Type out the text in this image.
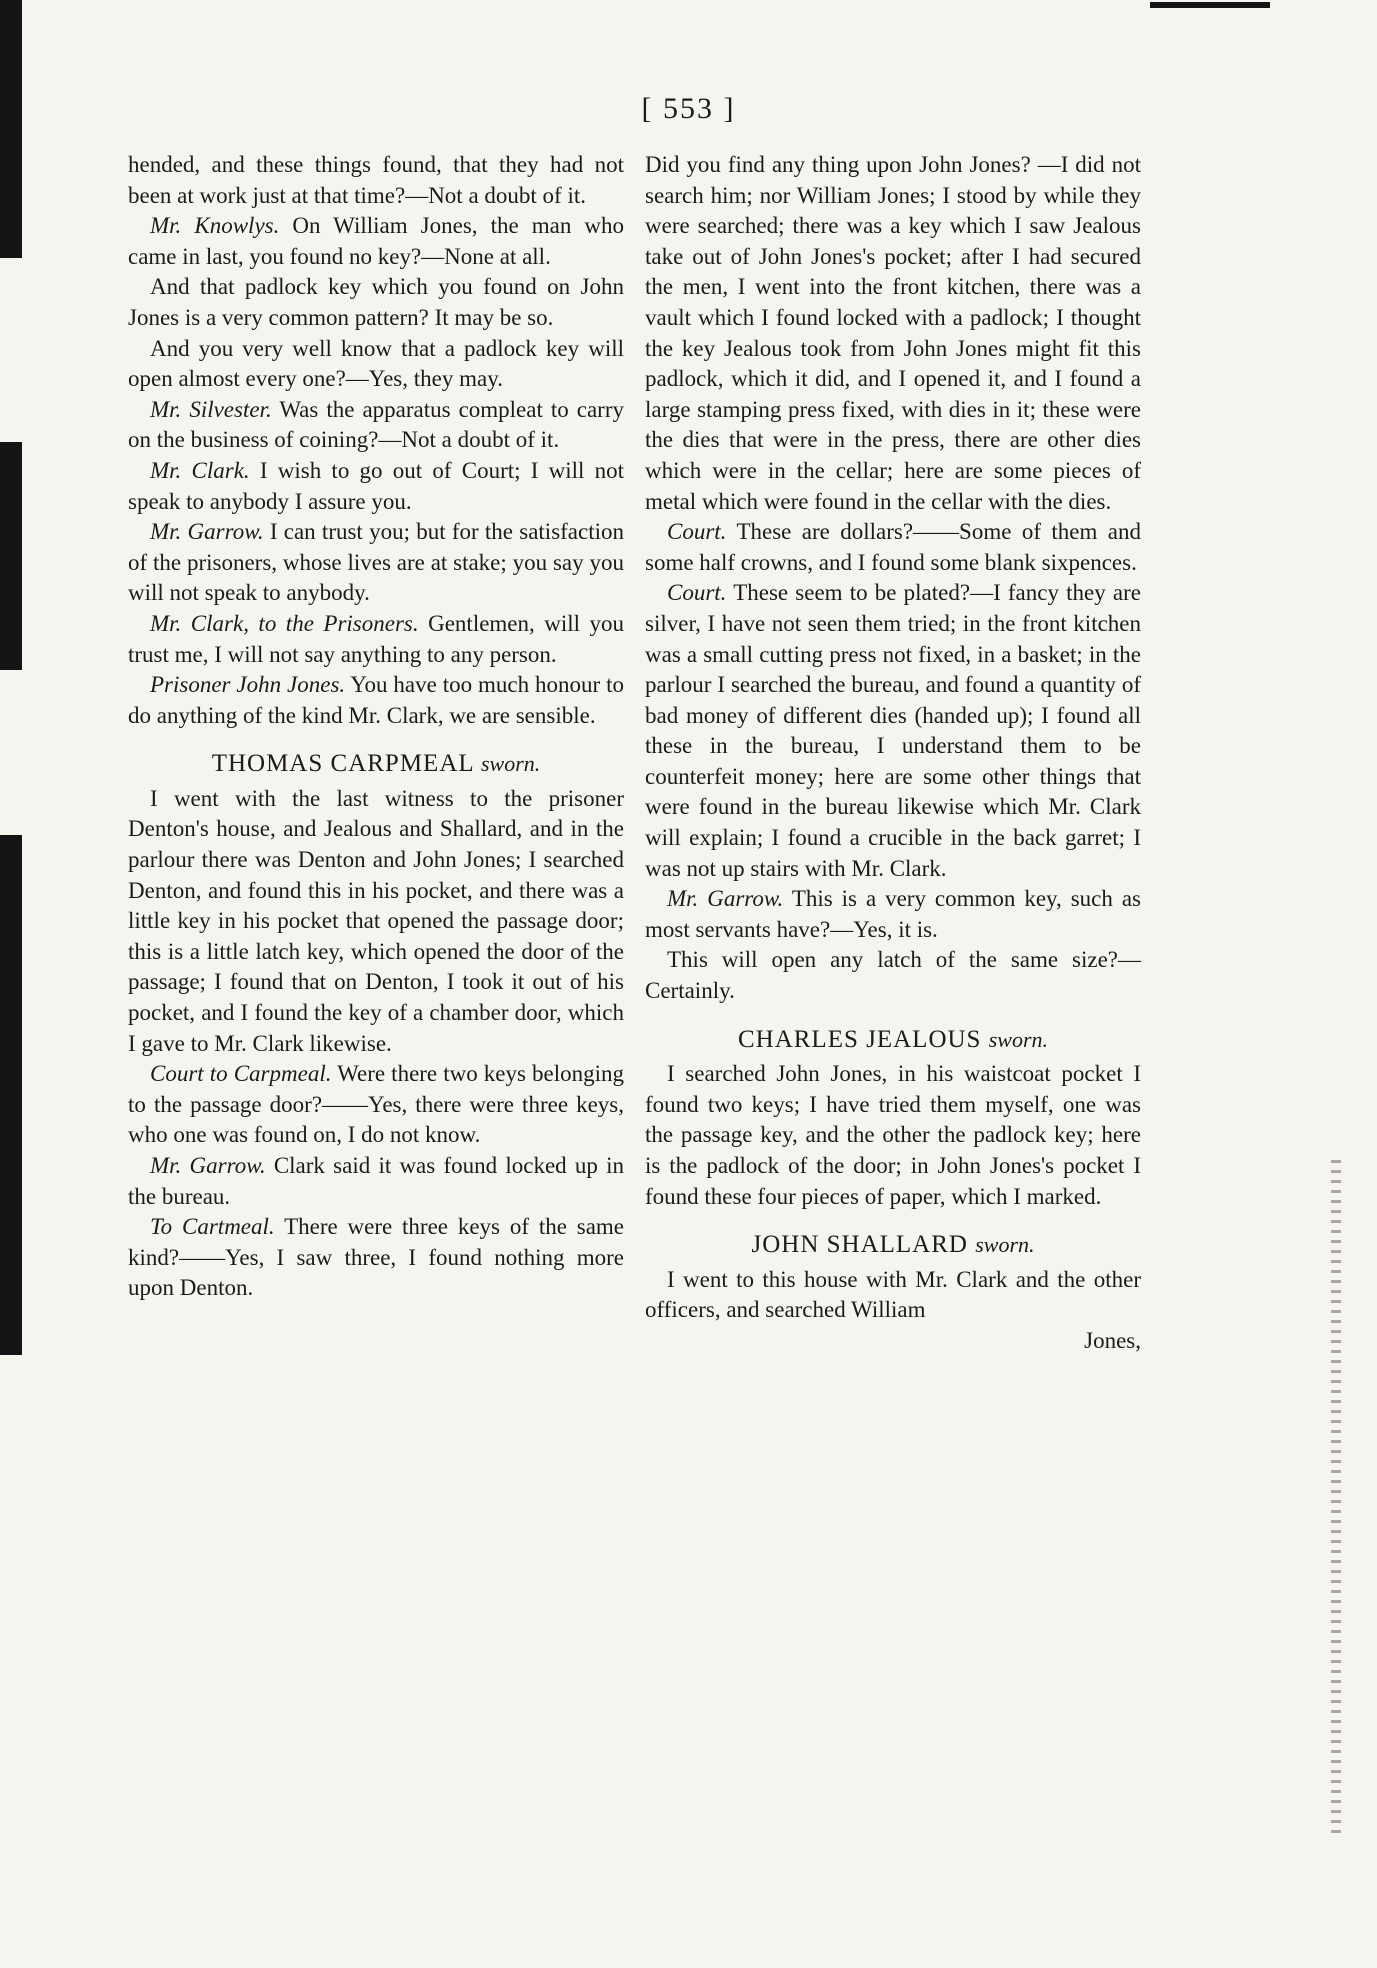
[ 553 ]

hended, and these things found, that they had not been at work just at that time?—Not a doubt of it.

Mr. Knowlys. On William Jones, the man who came in last, you found no key?—None at all.

And that padlock key which you found on John Jones is a very common pattern? It may be so.

And you very well know that a padlock key will open almost every one?—Yes, they may.

Mr. Silvester. Was the apparatus compleat to carry on the business of coining?—Not a doubt of it.

Mr. Clark. I wish to go out of Court; I will not speak to anybody I assure you.

Mr. Garrow. I can trust you; but for the satisfaction of the prisoners, whose lives are at stake; you say you will not speak to anybody.

Mr. Clark, to the Prisoners. Gentlemen, will you trust me, I will not say anything to any person.

Prisoner John Jones. You have too much honour to do anything of the kind Mr. Clark, we are sensible.

THOMAS CARPMEAL sworn.

I went with the last witness to the prisoner Denton's house, and Jealous and Shallard, and in the parlour there was Denton and John Jones; I searched Denton, and found this in his pocket, and there was a little key in his pocket that opened the passage door; this is a little latch key, which opened the door of the passage; I found that on Denton, I took it out of his pocket, and I found the key of a chamber door, which I gave to Mr. Clark likewise.

Court to Carpmeal. Were there two keys belonging to the passage door?——Yes, there were three keys, who one was found on, I do not know.

Mr. Garrow. Clark said it was found locked up in the bureau.

To Cartmeal. There were three keys of the same kind?——Yes, I saw three, I found nothing more upon Denton.

Did you find any thing upon John Jones? —I did not search him; nor William Jones; I stood by while they were searched; there was a key which I saw Jealous take out of John Jones's pocket; after I had secured the men, I went into the front kitchen, there was a vault which I found locked with a padlock; I thought the key Jealous took from John Jones might fit this padlock, which it did, and I opened it, and I found a large stamping press fixed, with dies in it; these were the dies that were in the press, there are other dies which were in the cellar; here are some pieces of metal which were found in the cellar with the dies.

Court. These are dollars?——Some of them and some half crowns, and I found some blank sixpences.

Court. These seem to be plated?—I fancy they are silver, I have not seen them tried; in the front kitchen was a small cutting press not fixed, in a basket; in the parlour I searched the bureau, and found a quantity of bad money of different dies (handed up); I found all these in the bureau, I understand them to be counterfeit money; here are some other things that were found in the bureau likewise which Mr. Clark will explain; I found a crucible in the back garret; I was not up stairs with Mr. Clark.

Mr. Garrow. This is a very common key, such as most servants have?—Yes, it is.

This will open any latch of the same size?—Certainly.

CHARLES JEALOUS sworn.

I searched John Jones, in his waistcoat pocket I found two keys; I have tried them myself, one was the passage key, and the other the padlock key; here is the padlock of the door; in John Jones's pocket I found these four pieces of paper, which I marked.

JOHN SHALLARD sworn.

I went to this house with Mr. Clark and the other officers, and searched William

Jones,
